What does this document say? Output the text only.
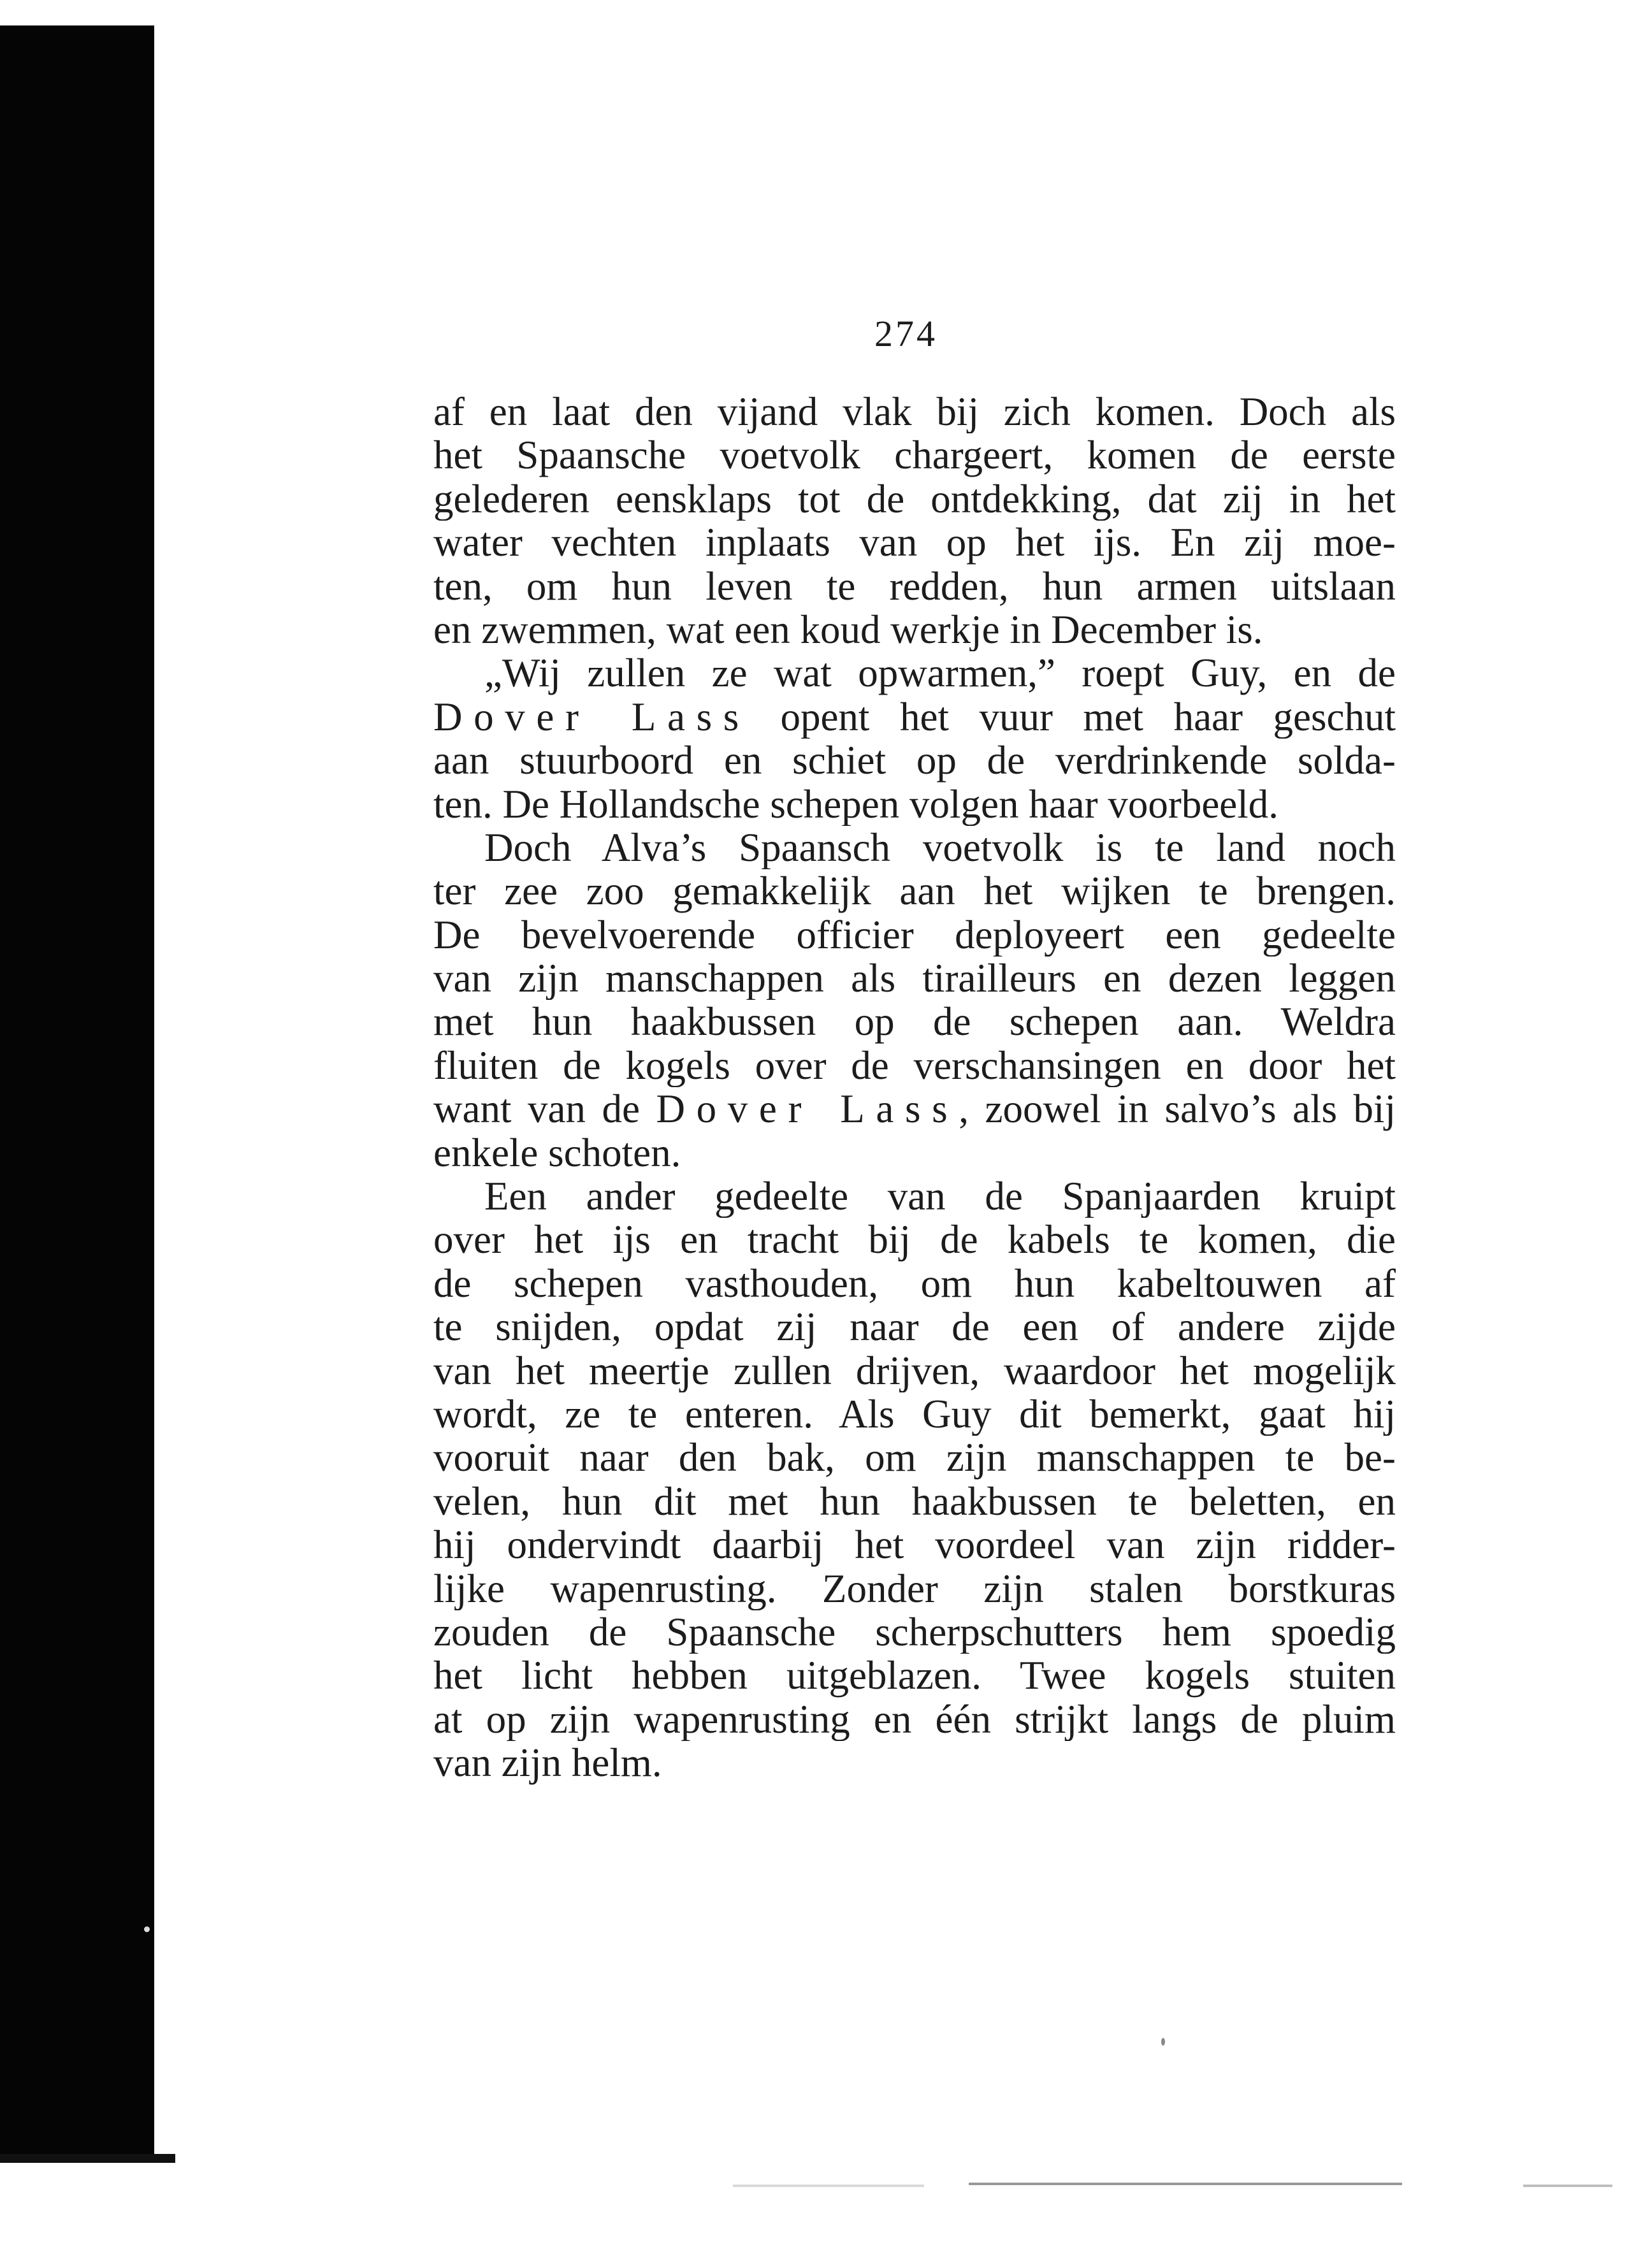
274
af en laat den vijand vlak bij zich komen. Doch als
het Spaansche voetvolk chargeert, komen de eerste
gelederen eensklaps tot de ontdekking, dat zij in het
water vechten inplaats van op het ijs. En zij moe-
ten, om hun leven te redden, hun armen uitslaan
en zwemmen, wat een koud werkje in December is.
„Wij zullen ze wat opwarmen,” roept Guy, en de
Dover Lass opent het vuur met haar geschut
aan stuurboord en schiet op de verdrinkende solda-
ten. De Hollandsche schepen volgen haar voorbeeld.
Doch Alva’s Spaansch voetvolk is te land noch
ter zee zoo gemakkelijk aan het wijken te brengen.
De bevelvoerende officier deployeert een gedeelte
van zijn manschappen als tirailleurs en dezen leggen
met hun haakbussen op de schepen aan. Weldra
fluiten de kogels over de verschansingen en door het
want van de Dover Lass, zoowel in salvo’s als bij
enkele schoten.
Een ander gedeelte van de Spanjaarden kruipt
over het ijs en tracht bij de kabels te komen, die
de schepen vasthouden, om hun kabeltouwen af
te snijden, opdat zij naar de een of andere zijde
van het meertje zullen drijven, waardoor het mogelijk
wordt, ze te enteren. Als Guy dit bemerkt, gaat hij
vooruit naar den bak, om zijn manschappen te be-
velen, hun dit met hun haakbussen te beletten, en
hij ondervindt daarbij het voordeel van zijn ridder-
lijke wapenrusting. Zonder zijn stalen borstkuras
zouden de Spaansche scherpschutters hem spoedig
het licht hebben uitgeblazen. Twee kogels stuiten
at op zijn wapenrusting en één strijkt langs de pluim
van zijn helm.
